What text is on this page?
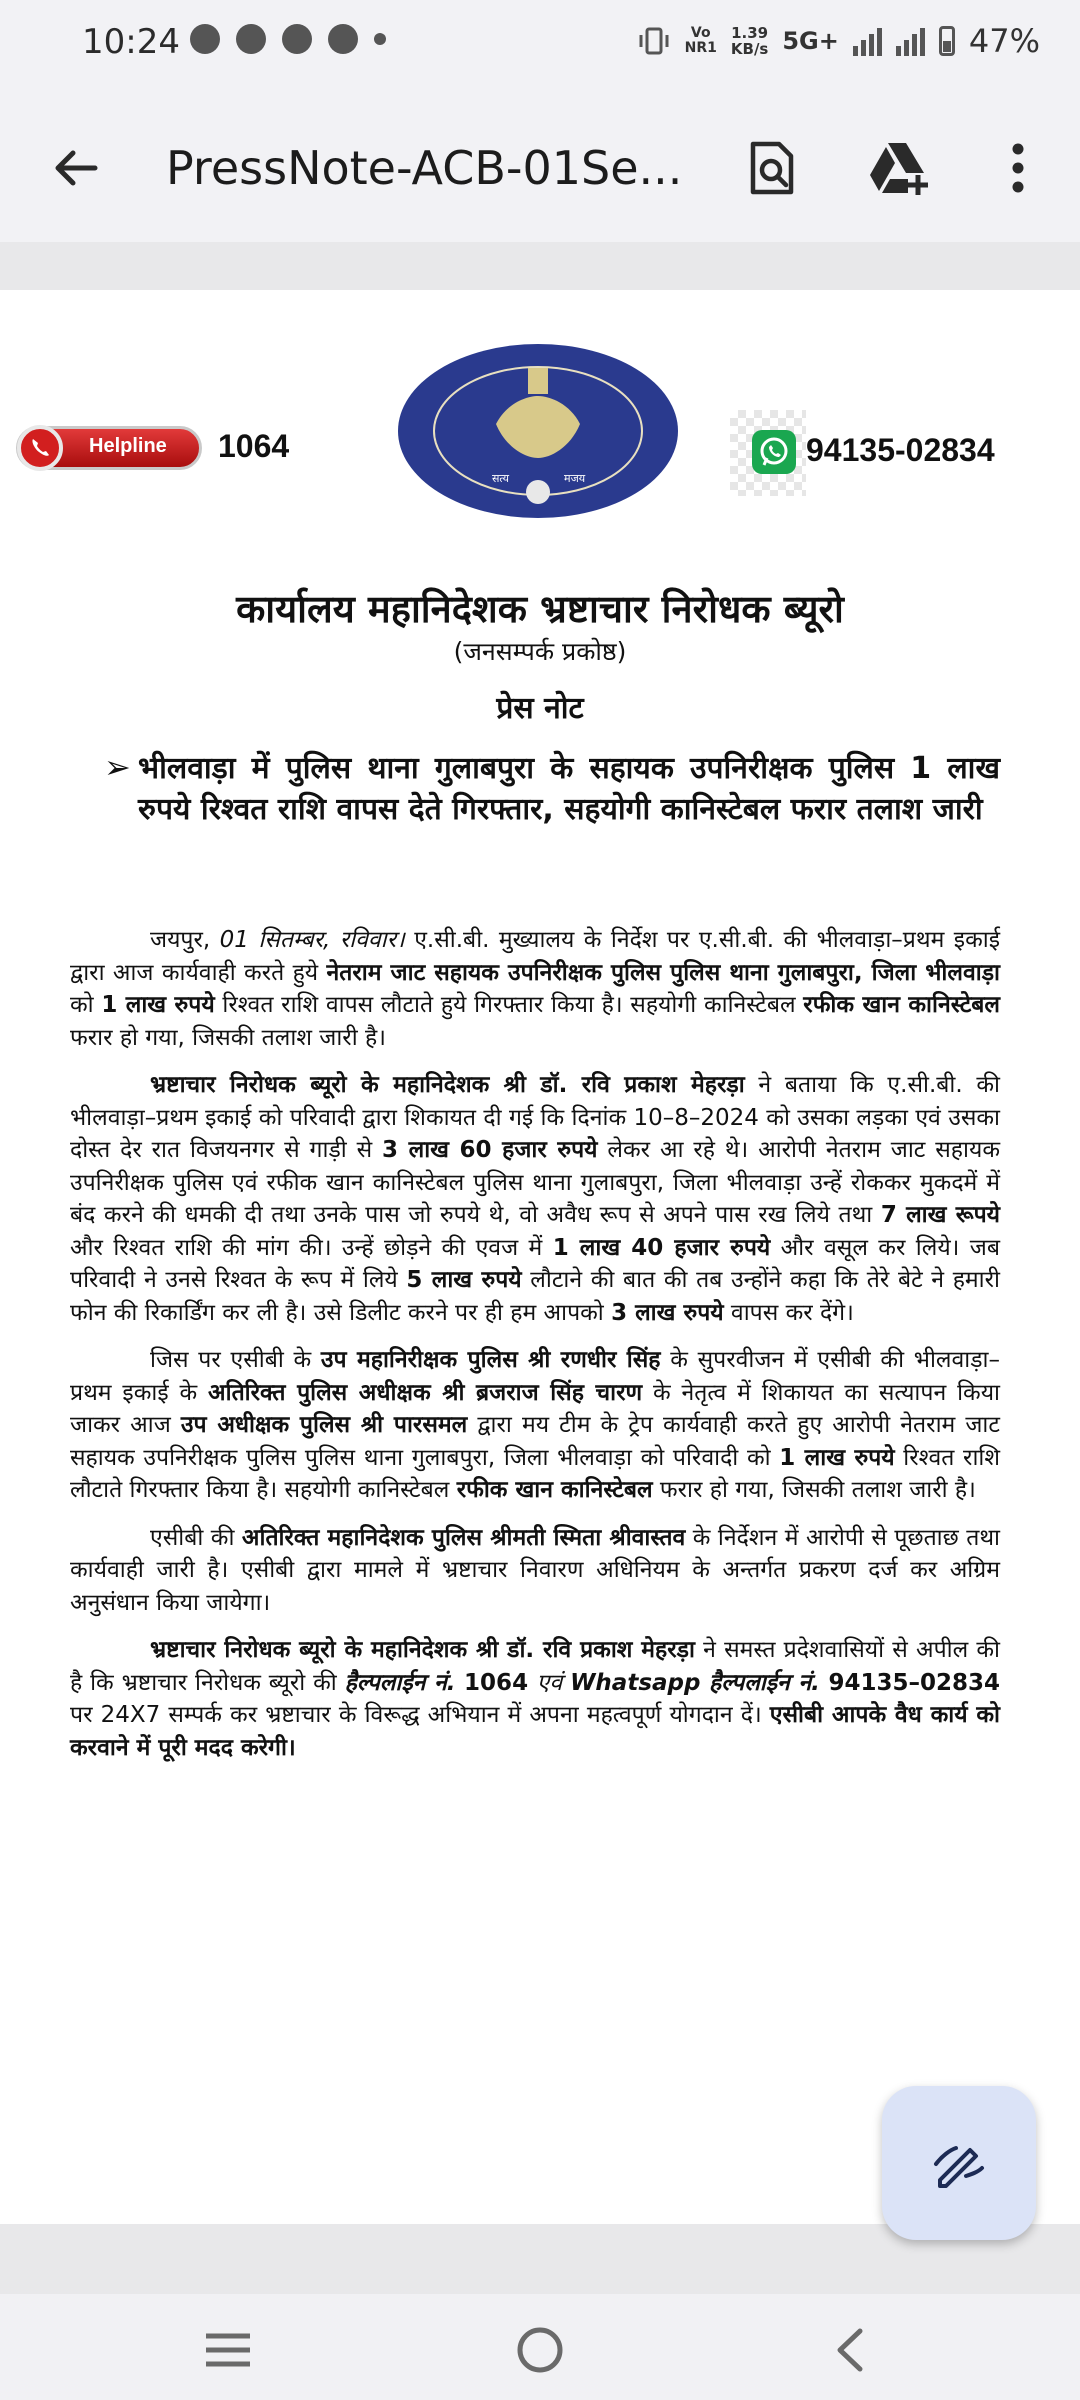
10:24	Vo
NR1
1.39
KB/s 5G+	47%
PressNote-ACB-01Se...
Helpline 1064
सत्य	मजय
94135-02834
कार्यालय महानिदेशक भ्रष्टाचार निरोधक ब्यूरो
(जनसम्पर्क प्रकोष्ठ)
प्रेस नोट
➢ भीलवाड़ा में पुलिस थाना गुलाबपुरा के सहायक उपनिरीक्षक पुलिस 1 लाख रुपये रिश्वत राशि वापस देते गिरफ्तार, सहयोगी कानिस्टेबल फरार तलाश जारी

जयपुर, 01 सितम्बर, रविवार। ए.सी.बी. मुख्यालय के निर्देश पर ए.सी.बी. की भीलवाड़ा–प्रथम इकाई द्वारा आज कार्यवाही करते हुये नेतराम जाट सहायक उपनिरीक्षक पुलिस पुलिस थाना गुलाबपुरा, जिला भीलवाड़ा को 1 लाख रुपये रिश्वत राशि वापस लौटाते हुये गिरफ्तार किया है। सहयोगी कानिस्टेबल रफीक खान कानिस्टेबल फरार हो गया, जिसकी तलाश जारी है।

भ्रष्टाचार निरोधक ब्यूरो के महानिदेशक श्री डॉ. रवि प्रकाश मेहरड़ा ने बताया कि ए.सी.बी. की भीलवाड़ा–प्रथम इकाई को परिवादी द्वारा शिकायत दी गई कि दिनांक 10–8–2024 को उसका लड़का एवं उसका दोस्त देर रात विजयनगर से गाड़ी से 3 लाख 60 हजार रुपये लेकर आ रहे थे। आरोपी नेतराम जाट सहायक उपनिरीक्षक पुलिस एवं रफीक खान कानिस्टेबल पुलिस थाना गुलाबपुरा, जिला भीलवाड़ा उन्हें रोककर मुकदमें में बंद करने की धमकी दी तथा उनके पास जो रुपये थे, वो अवैध रूप से अपने पास रख लिये तथा 7 लाख रूपये और रिश्वत राशि की मांग की। उन्हें छोड़ने की एवज में 1 लाख 40 हजार रुपये और वसूल कर लिये। जब परिवादी ने उनसे रिश्वत के रूप में लिये 5 लाख रुपये लौटाने की बात की तब उन्होंने कहा कि तेरे बेटे ने हमारी फोन की रिकार्डिंग कर ली है। उसे डिलीट करने पर ही हम आपको 3 लाख रुपये वापस कर देंगे।

जिस पर एसीबी के उप महानिरीक्षक पुलिस श्री रणधीर सिंह के सुपरवीजन में एसीबी की भीलवाड़ा–प्रथम इकाई के अतिरिक्त पुलिस अधीक्षक श्री ब्रजराज सिंह चारण के नेतृत्व में शिकायत का सत्यापन किया जाकर आज उप अधीक्षक पुलिस श्री पारसमल द्वारा मय टीम के ट्रेप कार्यवाही करते हुए आरोपी नेतराम जाट सहायक उपनिरीक्षक पुलिस पुलिस थाना गुलाबपुरा, जिला भीलवाड़ा को परिवादी को 1 लाख रुपये रिश्वत राशि लौटाते गिरफ्तार किया है। सहयोगी कानिस्टेबल रफीक खान कानिस्टेबल फरार हो गया, जिसकी तलाश जारी है।

एसीबी की अतिरिक्त महानिदेशक पुलिस श्रीमती स्मिता श्रीवास्तव के निर्देशन में आरोपी से पूछताछ तथा कार्यवाही जारी है। एसीबी द्वारा मामले में भ्रष्टाचार निवारण अधिनियम के अन्तर्गत प्रकरण दर्ज कर अग्रिम अनुसंधान किया जायेगा।

भ्रष्टाचार निरोधक ब्यूरो के महानिदेशक श्री डॉ. रवि प्रकाश मेहरड़ा ने समस्त प्रदेशवासियों से अपील की है कि भ्रष्टाचार निरोधक ब्यूरो की हैल्पलाईन नं. 1064 एवं Whatsapp हैल्पलाईन नं. 94135–02834 पर 24X7 सम्पर्क कर भ्रष्टाचार के विरूद्ध अभियान में अपना महत्वपूर्ण योगदान दें। एसीबी आपके वैध कार्य को करवाने में पूरी मदद करेगी।
